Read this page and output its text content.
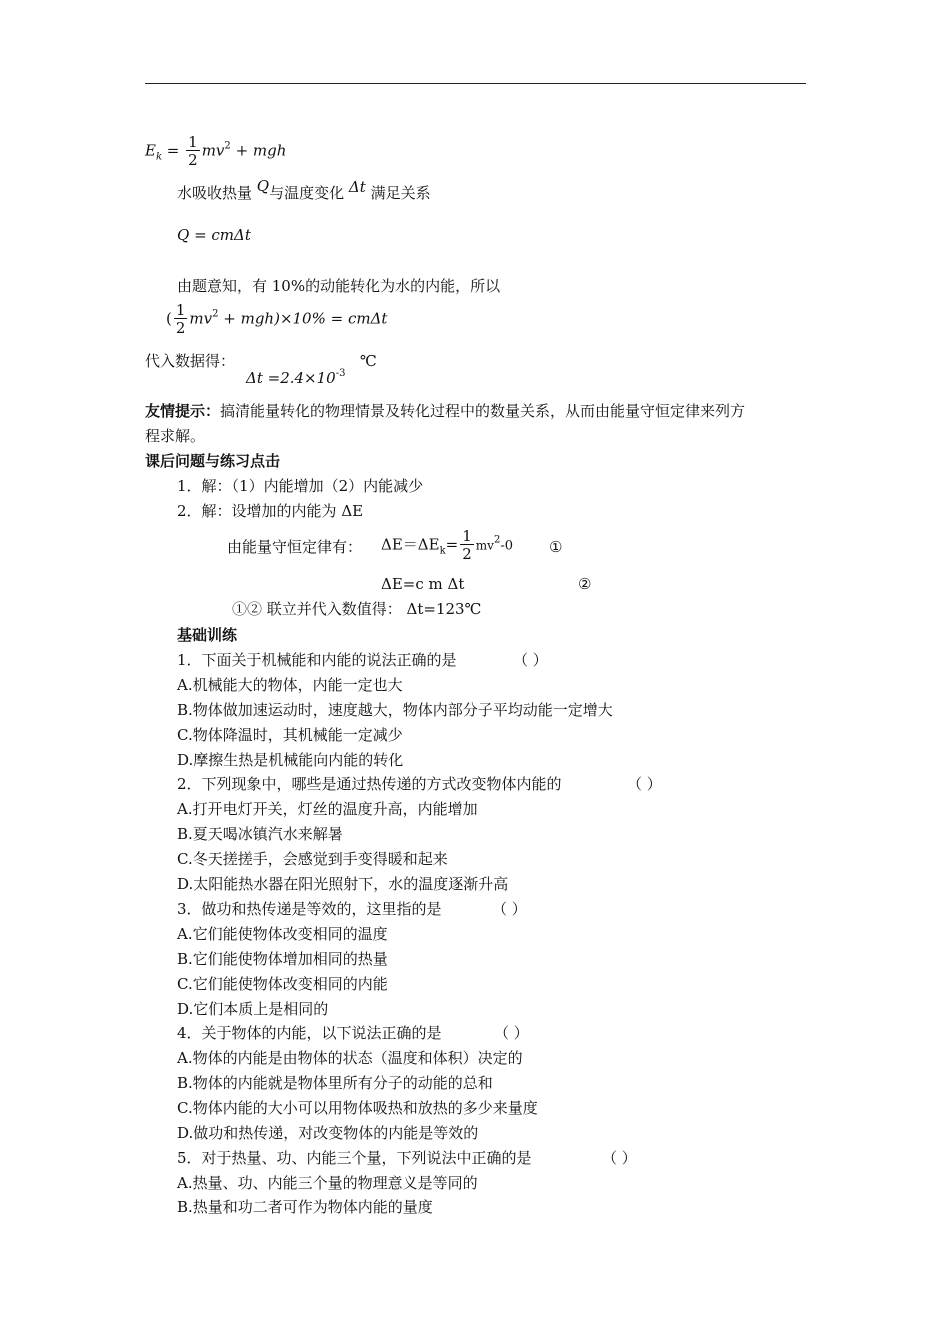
$E_k = \frac{1}{2} mv^2$ + mgh
水吸收热量 Q与温度变化 Δt 满足关系
Q = cmΔt
由题意知，有 10%的动能转化为水的内能，所以
( $\frac{1}{2} mv^2 + mgh)\times 10\% = cm\Delta t$
代入数据得：
$\Delta t =2.4\times 10^{-3}$
℃
友情提示：搞清能量转化的物理情景及转化过程中的数量关系，从而由能量守恒定律来列方
程求解。
课后问题与练习点击
1．解：（1）内能增加（2）内能减少
2．解：设增加的内能为 ΔE
由能量守恒定律有： $\Delta E=\Delta E_k= \frac{1}{2} mv^2-0$ ①
ΔE=c m Δt	②
①② 联立并代入数值得： Δt=123℃
基础训练
1．下面关于机械能和内能的说法正确的是	（ ）
A.机械能大的物体，内能一定也大
B.物体做加速运动时，速度越大，物体内部分子平均动能一定增大
C.物体降温时，其机械能一定减少
D.摩擦生热是机械能向内能的转化
2．下列现象中，哪些是通过热传递的方式改变物体内能的	（ ）
A.打开电灯开关，灯丝的温度升高，内能增加
B.夏天喝冰镇汽水来解暑
C.冬天搓搓手，会感觉到手变得暖和起来
D.太阳能热水器在阳光照射下，水的温度逐渐升高
3．做功和热传递是等效的，这里指的是	（ ）
A.它们能使物体改变相同的温度
B.它们能使物体增加相同的热量
C.它们能使物体改变相同的内能
D.它们本质上是相同的
4．关于物体的内能，以下说法正确的是	（ ）
A.物体的内能是由物体的状态（温度和体积）决定的
B.物体的内能就是物体里所有分子的动能的总和
C.物体内能的大小可以用物体吸热和放热的多少来量度
D.做功和热传递，对改变物体的内能是等效的
5．对于热量、功、内能三个量，下列说法中正确的是	（ ）
A.热量、功、内能三个量的物理意义是等同的
B.热量和功二者可作为物体内能的量度
